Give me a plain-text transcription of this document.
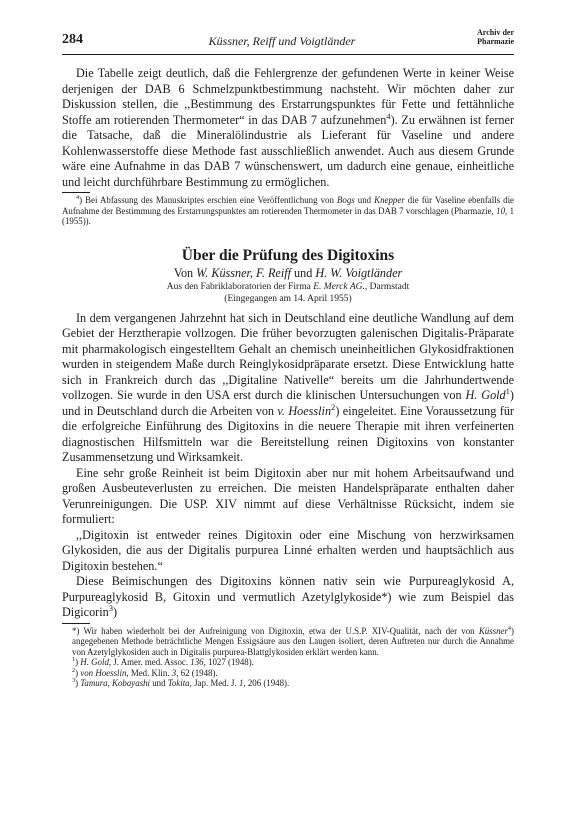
284	Küssner, Reiff und Voigtländer
Archiv der
Pharmazie

Die Tabelle zeigt deutlich, daß die Fehlergrenze der gefundenen Werte in keiner Weise derjenigen der DAB 6 Schmelzpunktbestimmung nachsteht. Wir möchten daher zur Diskussion stellen, die ,,Bestimmung des Erstarrungspunktes für Fette und fettähnliche Stoffe am rotierenden Thermometer“ in das DAB 7 aufzunehmen$^4$). Zu erwähnen ist ferner die Tatsache, daß die Mineralölindustrie als Lieferant für Vaseline und andere Kohlenwasserstoffe diese Methode fast ausschließlich anwendet. Auch aus diesem Grunde wäre eine Aufnahme in das DAB 7 wünschenswert, um dadurch eine genaue, einheitliche und leicht durchführbare Bestimmung zu ermöglichen.

$^4$) Bei Abfassung des Manuskriptes erschien eine Veröffentlichung von Bogs und Knepper die für Vaseline ebenfalls die Aufnahme der Bestimmung des Erstarrungspunktes am rotierenden Thermometer in das DAB 7 vorschlagen (Pharmazie, 10, 1 (1955)).

Über die Prüfung des Digitoxins
Von W. Küssner, F. Reiff und H. W. Voigtländer
Aus den Fabriklaboratorien der Firma E. Merck AG., Darmstadt
(Eingegangen am 14. April 1955)

In dem vergangenen Jahrzehnt hat sich in Deutschland eine deutliche Wandlung auf dem Gebiet der Herztherapie vollzogen. Die früher bevorzugten galenischen Digitalis-Präparate mit pharmakologisch eingestelltem Gehalt an chemisch uneinheitlichen Glykosidfraktionen wurden in steigendem Maße durch Reinglykosidpräparate ersetzt. Diese Entwicklung hatte sich in Frankreich durch das ,,Digitaline Nativelle“ bereits um die Jahrhundertwende vollzogen. Sie wurde in den USA erst durch die klinischen Untersuchungen von H. Gold$^1$) und in Deutschland durch die Arbeiten von v. Hoesslin$^2$) eingeleitet. Eine Voraussetzung für die erfolgreiche Einführung des Digitoxins in die neuere Therapie mit ihren verfeinerten diagnostischen Hilfsmitteln war die Bereitstellung reinen Digitoxins von konstanter Zusammensetzung und Wirksamkeit.

Eine sehr große Reinheit ist beim Digitoxin aber nur mit hohem Arbeitsaufwand und großen Ausbeuteverlusten zu erreichen. Die meisten Handelspräparate enthalten daher Verunreinigungen. Die USP. XIV nimmt auf diese Verhältnisse Rücksicht, indem sie formuliert:

,,Digitoxin ist entweder reines Digitoxin oder eine Mischung von herzwirksamen Glykosiden, die aus der Digitalis purpurea Linné erhalten werden und hauptsächlich aus Digitoxin bestehen.“

Diese Beimischungen des Digitoxins können nativ sein wie Purpureaglykosid A, Purpureaglykosid B, Gitoxin und vermutlich Azetylglykoside*) wie zum Beispiel das Digicorin$^3$)

*) Wir haben wiederholt bei der Aufreinigung von Digitoxin, etwa der U.S.P. XIV-Qualität, nach der von Küssner$^4$) angegebenen Methode beträchtliche Mengen Essigsäure aus den Laugen isoliert, deren Auftreten nur durch die Annahme von Azetylglykosiden auch in Digitalis purpurea-Blattglykosiden erklärt werden kann.

$^1$) H. Gold, J. Amer. med. Assoc. 136, 1027 (1948).

$^2$) von Hoesslin, Med. Klin. 3, 62 (1948).

$^3$) Tamura, Kobayashi und Tokita, Jap. Med. J. 1, 206 (1948).
